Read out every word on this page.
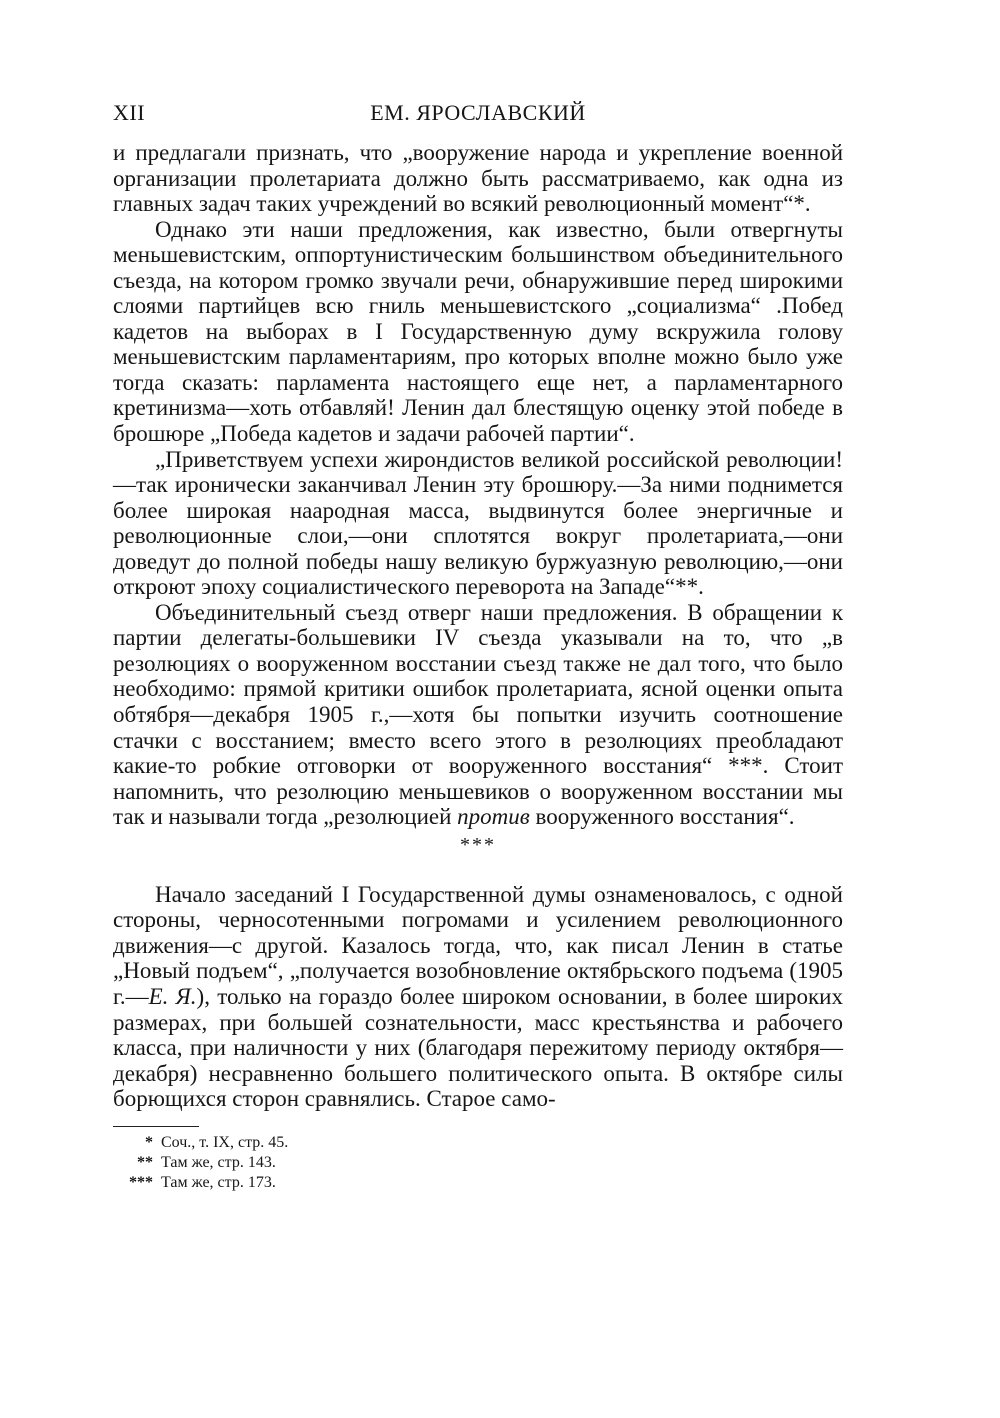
XII	ЕМ. ЯРОСЛАВСКИЙ

и предлагали признать, что „вооружение народа и укрепление военной организации пролетариата должно быть рассматриваемо, как одна из главных задач таких учреждений во всякий революционный момент“*.

Однако эти наши предложения, как известно, были отвергнуты меньшевистским, оппортунистическим большинством объединительного съезда, на котором громко звучали речи, обнаружившие перед широкими слоями партийцев всю гниль меньшевистского „социализма“ .Побед кадетов на выборах в I Государственную думу вскружила голову меньшевистским парламентариям, про которых вполне можно было уже тогда сказать: парламента настоящего еще нет, а парламентарного кретинизма—хоть отбавляй! Ленин дал блестящую оценку этой победе в брошюре „Победа кадетов и задачи рабочей партии“.

„Приветствуем успехи жирондистов великой российской революции!—так иронически заканчивал Ленин эту брошюру.—За ними поднимется более широкая наародная масса, выдвинутся более энергичные и революционные слои,—они сплотятся вокруг пролетариата,—они доведут до полной победы нашу великую буржуазную революцию,—они откроют эпоху социалистического переворота на Западе“**.

Объединительный съезд отверг наши предложения. В обращении к партии делегаты-большевики IV съезда указывали на то, что „в резолюциях о вооруженном восстании съезд также не дал того, что было необходимо: прямой критики ошибок пролетариата, ясной оценки опыта обтября—декабря 1905 г.,—хотя бы попытки изучить соотношение стачки с восстанием; вместо всего этого в резолюциях преобладают какие-то робкие отговорки от вооруженного восстания“ ***. Стоит напомнить, что резолюцию меньшевиков о вооруженном восстании мы так и называли тогда „резолюцией против вооруженного восстания“.

***

Начало заседаний I Государственной думы ознаменовалось, с одной стороны, черносотенными погромами и усилением революционного движения—с другой. Казалось тогда, что, как писал Ленин в статье „Новый подъем“, „получается возобновление октябрьского подъема (1905 г.—Е. Я.), только на гораздо более широком основании, в более широких размерах, при большей сознательности, масс крестьянства и рабочего класса, при наличности у них (благодаря пережитому периоду октября—декабря) несравненно большего политического опыта. В октябре силы борющихся сторон сравнялись. Старое само-

* Соч., т. IX, стр. 45.
** Там же, стр. 143.
*** Там же, стр. 173.
